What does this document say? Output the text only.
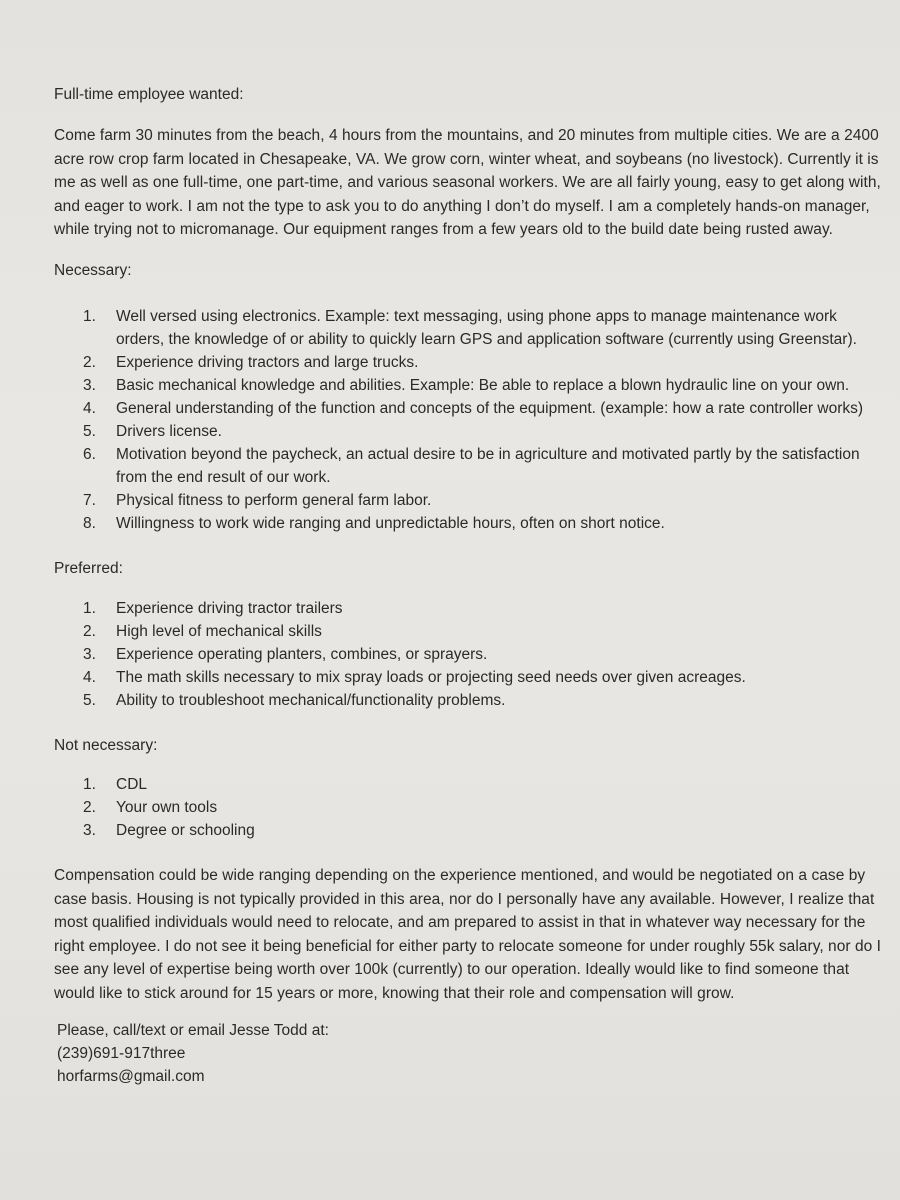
Full-time employee wanted:

Come farm 30 minutes from the beach, 4 hours from the mountains, and 20 minutes from multiple cities. We are a 2400 acre row crop farm located in Chesapeake, VA. We grow corn, winter wheat, and soybeans (no livestock). Currently it is me as well as one full-time, one part-time, and various seasonal workers. We are all fairly young, easy to get along with, and eager to work. I am not the type to ask you to do anything I don’t do myself. I am a completely hands-on manager, while trying not to micromanage. Our equipment ranges from a few years old to the build date being rusted away.

Necessary:

1. Well versed using electronics. Example: text messaging, using phone apps to manage maintenance work orders, the knowledge of or ability to quickly learn GPS and application software (currently using Greenstar).
2. Experience driving tractors and large trucks.
3. Basic mechanical knowledge and abilities. Example: Be able to replace a blown hydraulic line on your own.
4. General understanding of the function and concepts of the equipment. (example: how a rate controller works)
5. Drivers license.
6. Motivation beyond the paycheck, an actual desire to be in agriculture and motivated partly by the satisfaction from the end result of our work.
7. Physical fitness to perform general farm labor.
8. Willingness to work wide ranging and unpredictable hours, often on short notice.

Preferred:

1. Experience driving tractor trailers
2. High level of mechanical skills
3. Experience operating planters, combines, or sprayers.
4. The math skills necessary to mix spray loads or projecting seed needs over given acreages.
5. Ability to troubleshoot mechanical/functionality problems.

Not necessary:

1. CDL
2. Your own tools
3. Degree or schooling

Compensation could be wide ranging depending on the experience mentioned, and would be negotiated on a case by case basis. Housing is not typically provided in this area, nor do I personally have any available. However, I realize that most qualified individuals would need to relocate, and am prepared to assist in that in whatever way necessary for the right employee. I do not see it being beneficial for either party to relocate someone for under roughly 55k salary, nor do I see any level of expertise being worth over 100k (currently) to our operation. Ideally would like to find someone that would like to stick around for 15 years or more, knowing that their role and compensation will grow.

Please, call/text or email Jesse Todd at:
(239)691-917three
horfarms@gmail.com
